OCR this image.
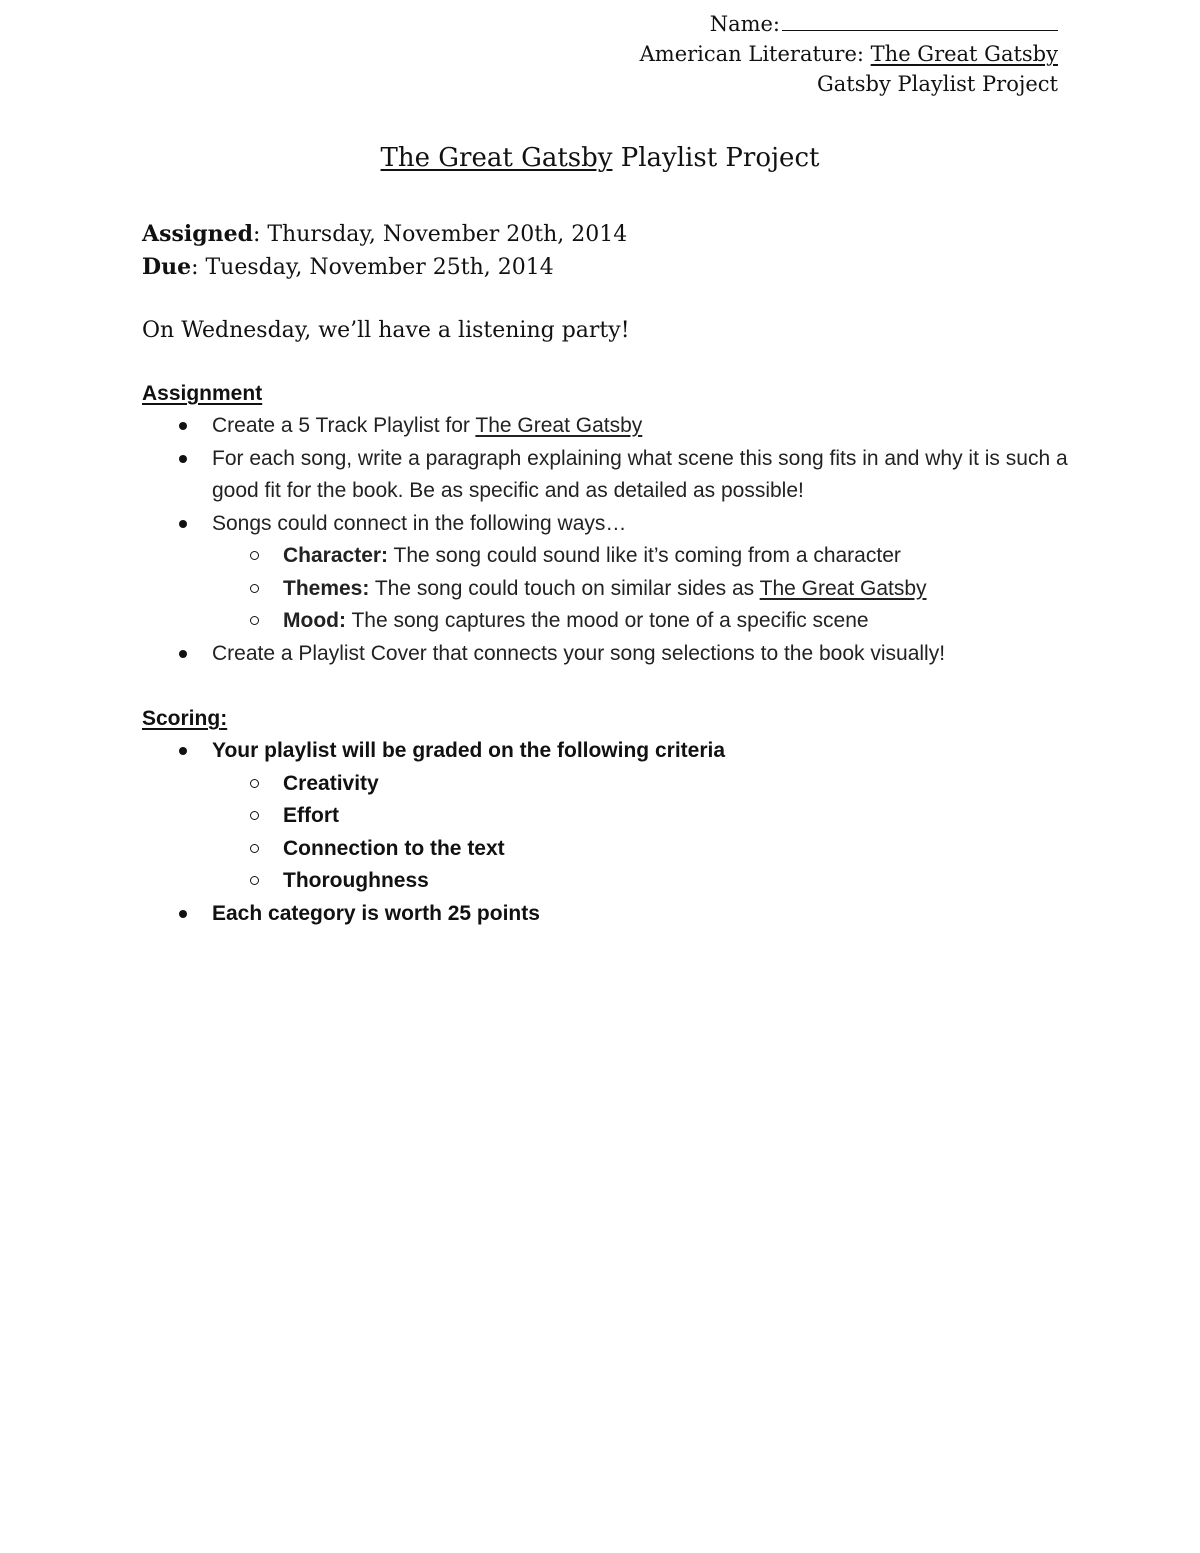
Name:
American Literature: The Great Gatsby
Gatsby Playlist Project
The Great Gatsby Playlist Project
Assigned: Thursday, November 20th, 2014
Due: Tuesday, November 25th, 2014
On Wednesday, we’ll have a listening party!
Assignment
Create a 5 Track Playlist for The Great Gatsby
For each song, write a paragraph explaining what scene this song fits in and why it is such a good fit for the book. Be as specific and as detailed as possible!
Songs could connect in the following ways…
Character: The song could sound like it’s coming from a character
Themes: The song could touch on similar sides as The Great Gatsby
Mood: The song captures the mood or tone of a specific scene
Create a Playlist Cover that connects your song selections to the book visually!
Scoring:
Your playlist will be graded on the following criteria
Creativity
Effort
Connection to the text
Thoroughness
Each category is worth 25 points
